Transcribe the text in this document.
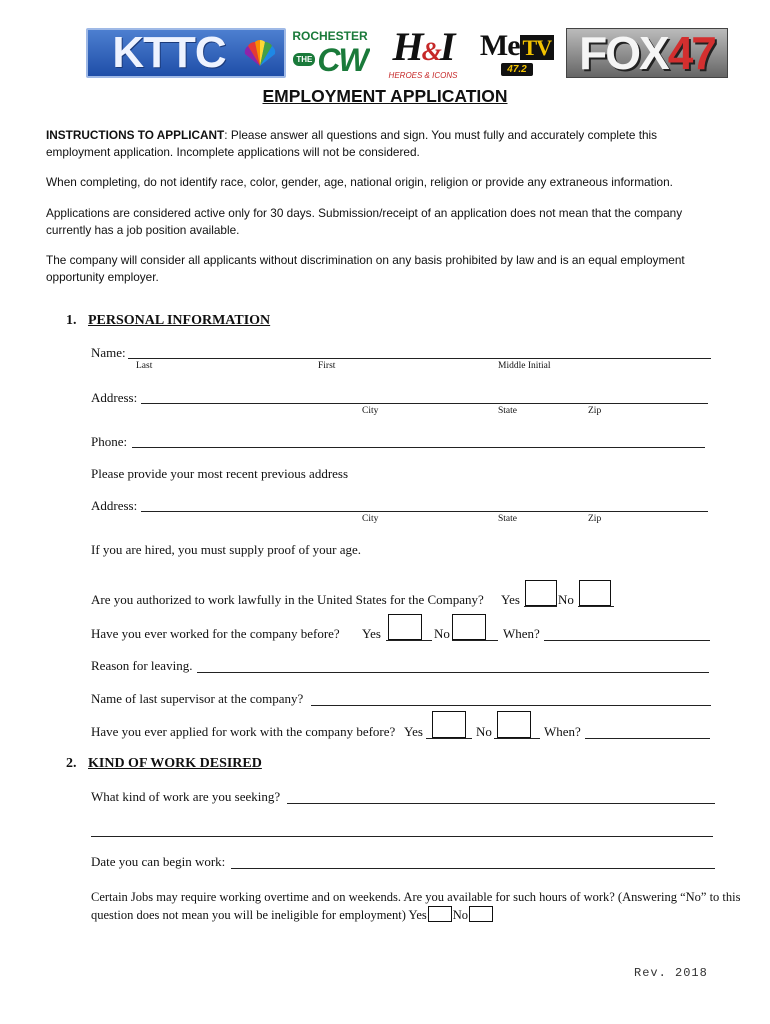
KTTC	ROCHESTER
THE CW H&I
HEROES & ICONS
Me TV
47.2 FOX47
EMPLOYMENT APPLICATION
INSTRUCTIONS TO APPLICANT: Please answer all questions and sign. You must fully and accurately complete this employment application. Incomplete applications will not be considered.
When completing, do not identify race, color, gender, age, national origin, religion or provide any extraneous information.
Applications are considered active only for 30 days. Submission/receipt of an application does not mean that the company currently has a job position available.
The company will consider all applicants without discrimination on any basis prohibited by law and is an equal employment opportunity employer.
1. PERSONAL INFORMATION
Name:
Last	First	Middle Initial
Address:
City	State	Zip
Phone:
Please provide your most recent previous address
Address:
City	State	Zip
If you are hired, you must supply proof of your age.
Are you authorized to work lawfully in the United States for the Company? Yes	No
Have you ever worked for the company before? Yes	No	When?
Reason for leaving.
Name of last supervisor at the company?
Have you ever applied for work with the company before? Yes	No	When?
2. KIND OF WORK DESIRED
What kind of work are you seeking?
Date you can begin work:
Certain Jobs may require working overtime and on weekends. Are you available for such hours of work? (Answering “No” to this question does not mean you will be ineligible for employment) Yes No
Rev. 2018
